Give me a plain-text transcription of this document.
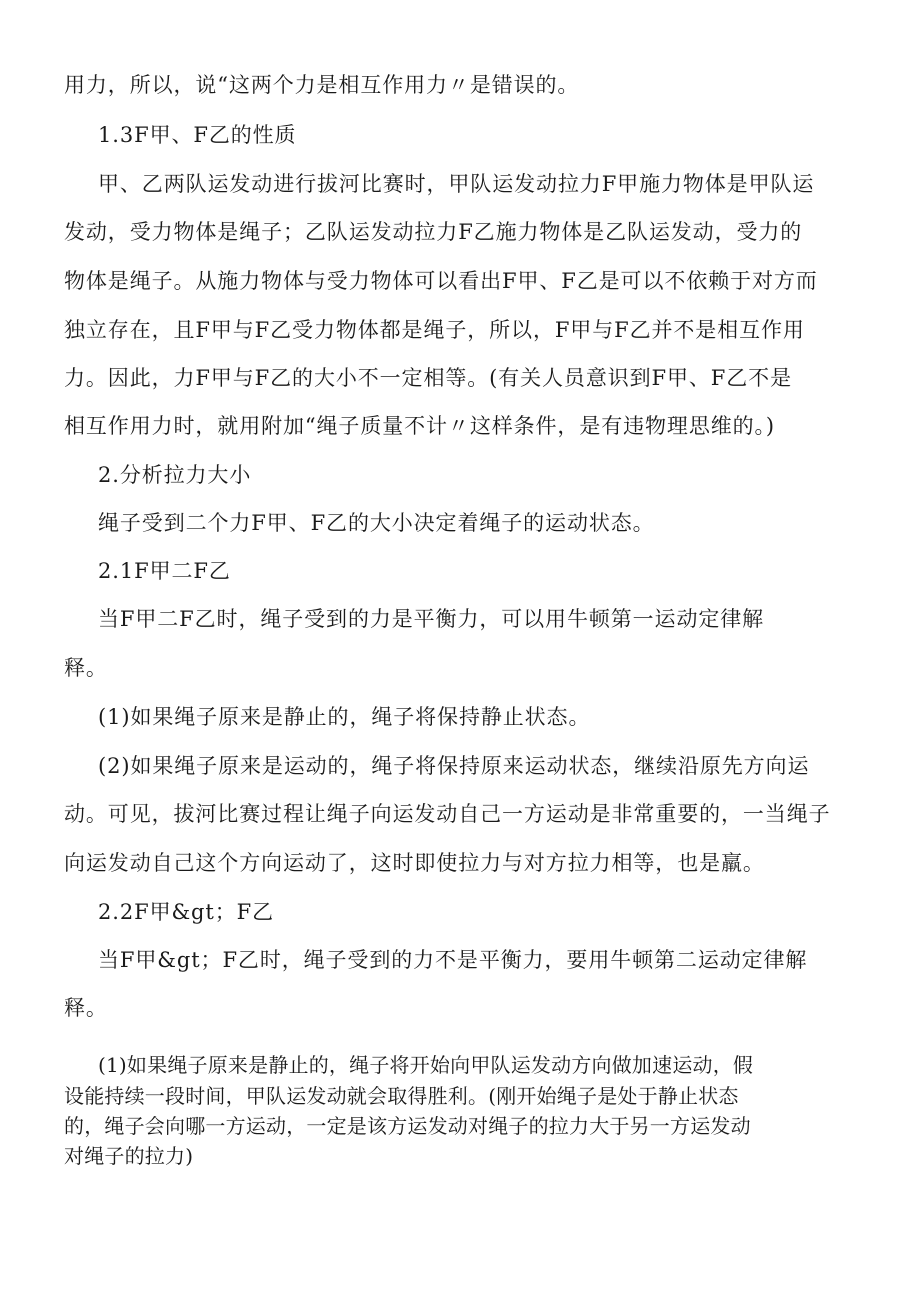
用力，所以，说“这两个力是相互作用力〃是错误的。
1.3F甲、F乙的性质
甲、乙两队运发动进行拔河比赛时，甲队运发动拉力F甲施力物体是甲队运
发动，受力物体是绳子；乙队运发动拉力F乙施力物体是乙队运发动，受力的
物体是绳子。从施力物体与受力物体可以看出F甲、F乙是可以不依赖于对方而
独立存在，且F甲与F乙受力物体都是绳子，所以，F甲与F乙并不是相互作用
力。因此，力F甲与F乙的大小不一定相等。(有关人员意识到F甲、F乙不是
相互作用力时，就用附加“绳子质量不计〃这样条件，是有违物理思维的。)
2.分析拉力大小
绳子受到二个力F甲、F乙的大小决定着绳子的运动状态。
2.1F甲二F乙
当F甲二F乙时，绳子受到的力是平衡力，可以用牛顿第一运动定律解
释。
(1)如果绳子原来是静止的，绳子将保持静止状态。
(2)如果绳子原来是运动的，绳子将保持原来运动状态，继续沿原先方向运
动。可见，拔河比赛过程让绳子向运发动自己一方运动是非常重要的，一当绳子
向运发动自己这个方向运动了，这时即使拉力与对方拉力相等，也是羸。
2.2F甲&gt；F乙
当F甲&gt；F乙时，绳子受到的力不是平衡力，要用牛顿第二运动定律解
释。
(1)如果绳子原来是静止的，绳子将开始向甲队运发动方向做加速运动，假
设能持续一段时间，甲队运发动就会取得胜利。(刚开始绳子是处于静止状态
的，绳子会向哪一方运动，一定是该方运发动对绳子的拉力大于另一方运发动
对绳子的拉力)
